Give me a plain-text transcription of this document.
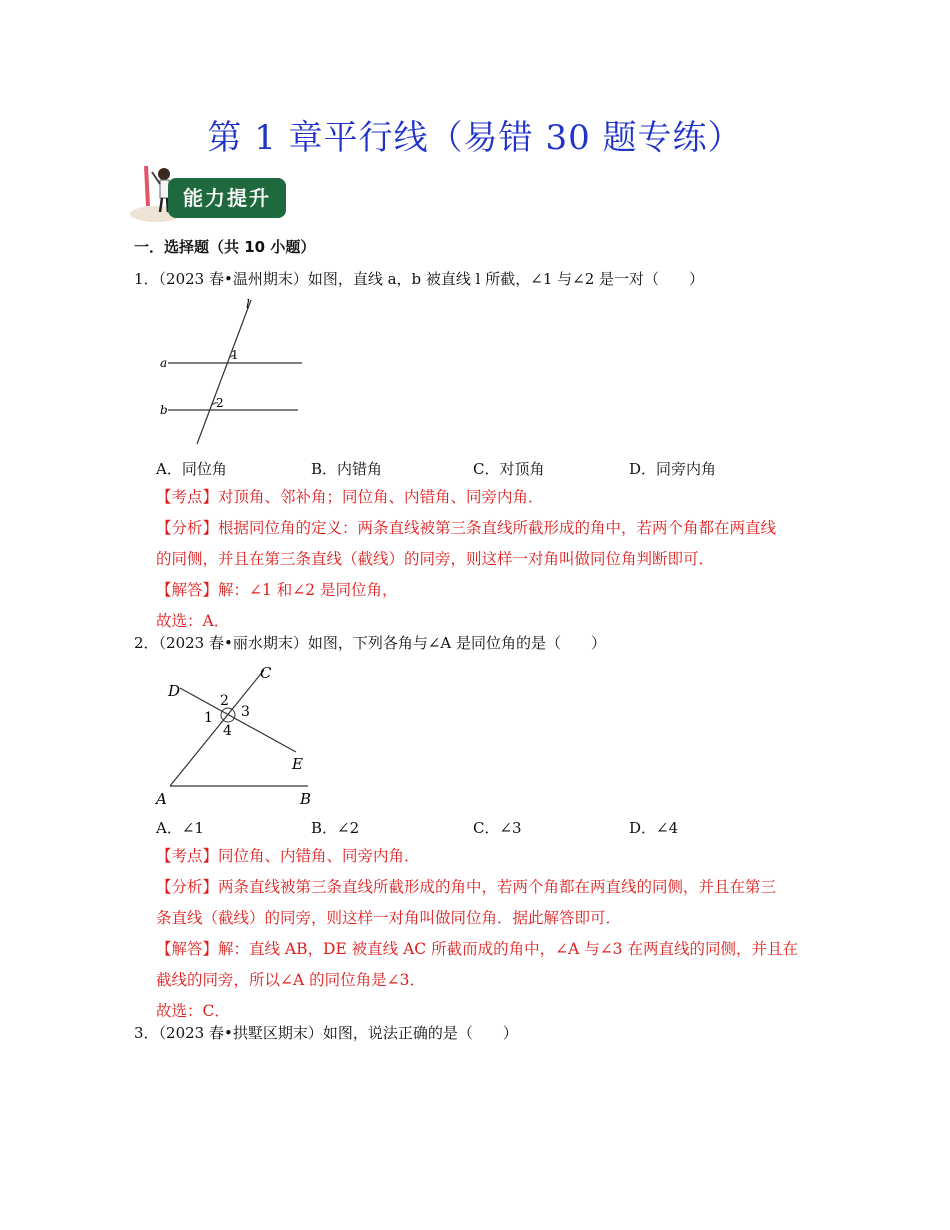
第 1 章平行线（易错 30 题专练）
能力提升
一．选择题（共 10 小题）
1．（2023 春•温州期末）如图，直线 a，b 被直线 l 所截，∠1 与∠2 是一对（　　）
l
a
b
1
2
A．同位角	B．内错角	C．对顶角	D．同旁内角
【考点】对顶角、邻补角；同位角、内错角、同旁内角．
【分析】根据同位角的定义：两条直线被第三条直线所截形成的角中，若两个角都在两直线
的同侧，并且在第三条直线（截线）的同旁，则这样一对角叫做同位角判断即可．
【解答】解：∠1 和∠2 是同位角，
故选：A．
2．（2023 春•丽水期末）如图，下列各角与∠A 是同位角的是（　　）
C
D
E
A	B
2
1 3
4
A．∠1	B．∠2	C．∠3	D．∠4
【考点】同位角、内错角、同旁内角．
【分析】两条直线被第三条直线所截形成的角中，若两个角都在两直线的同侧，并且在第三
条直线（截线）的同旁，则这样一对角叫做同位角．据此解答即可．
【解答】解：直线 AB，DE 被直线 AC 所截而成的角中，∠A 与∠3 在两直线的同侧，并且在
截线的同旁，所以∠A 的同位角是∠3．
故选：C．
3．（2023 春•拱墅区期末）如图，说法正确的是（　　）
